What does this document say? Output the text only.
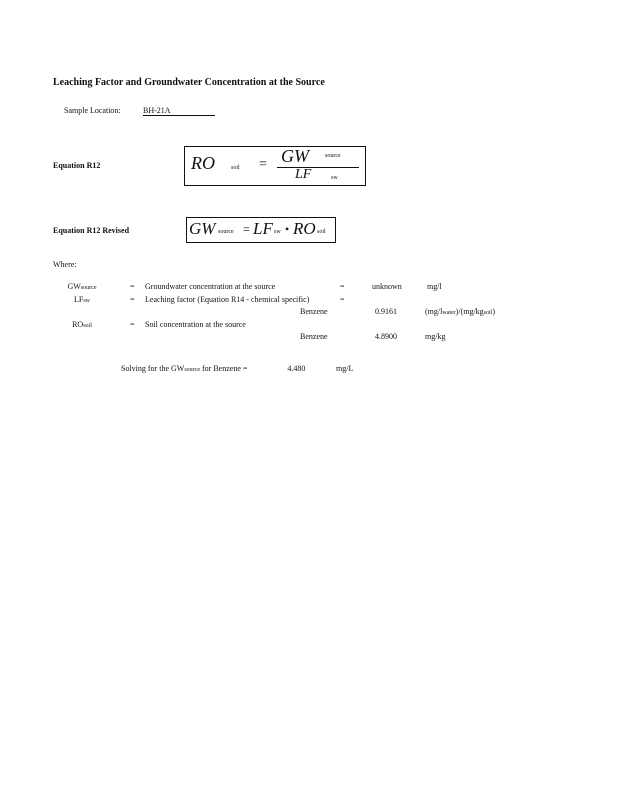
Leaching Factor and Groundwater Concentration at the Source
Sample Location:	BH-21A
Equation R12	RO	soil = GW	source
LF	sw
Equation R12 Revised	GW source = LF sw • RO soil
Where:
GWsource	= Groundwater concentration at the source	=	unknown	mg/l
LFsw	= Leaching factor (Equation R14 - chemical specific)	=
Benzene	0.9161	(mg/lwater)/(mg/kgsoil)
ROsoil	= Soil concentration at the source
Benzene	4.8900	mg/kg
Solving for the GWsource for Benzene =	4.480	mg/L
